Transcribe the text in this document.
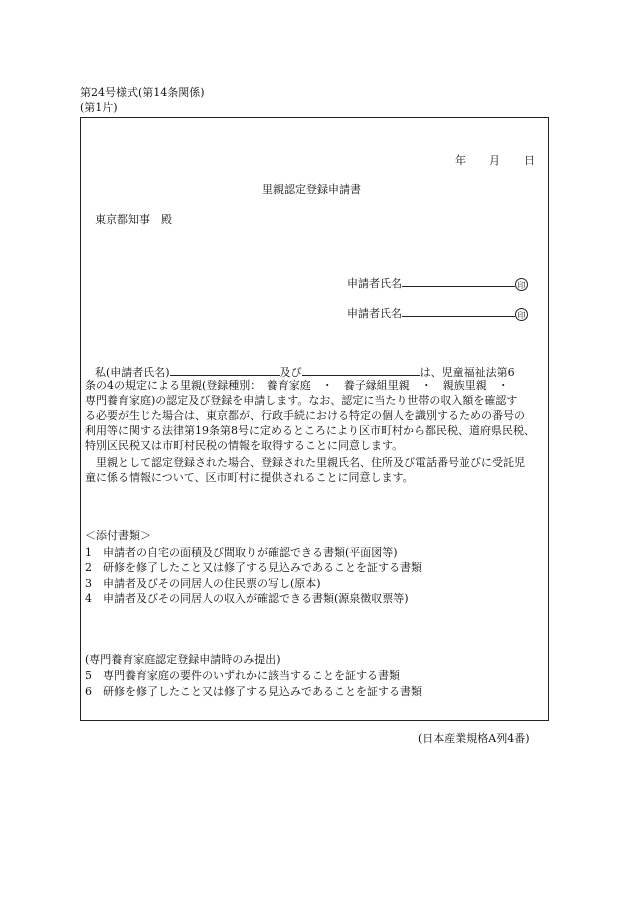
第24号様式(第14条関係)
(第1片)
年 月 日
里親認定登録申請書
東京都知事　殿
申請者氏名	印
申請者氏名	印
私(申請者氏名)	及び	は、児童福祉法第6
条の4の規定による里親(登録種別：　養育家庭　・　養子縁組里親　・　親族里親　・
専門養育家庭)の認定及び登録を申請します。なお、認定に当たり世帯の収入額を確認す
る必要が生じた場合は、東京都が、行政手続における特定の個人を識別するための番号の
利用等に関する法律第19条第8号に定めるところにより区市町村から都民税、道府県民税、
特別区民税又は市町村民税の情報を取得することに同意します。
　里親として認定登録された場合、登録された里親氏名、住所及び電話番号並びに受託児
童に係る情報について、区市町村に提供されることに同意します。
＜添付書類＞
1　申請者の自宅の面積及び間取りが確認できる書類(平面図等)
2　研修を修了したこと又は修了する見込みであることを証する書類
3　申請者及びその同居人の住民票の写し(原本)
4　申請者及びその同居人の収入が確認できる書類(源泉徴収票等)
(専門養育家庭認定登録申請時のみ提出)
5　専門養育家庭の要件のいずれかに該当することを証する書類
6　研修を修了したこと又は修了する見込みであることを証する書類
(日本産業規格A列4番)
